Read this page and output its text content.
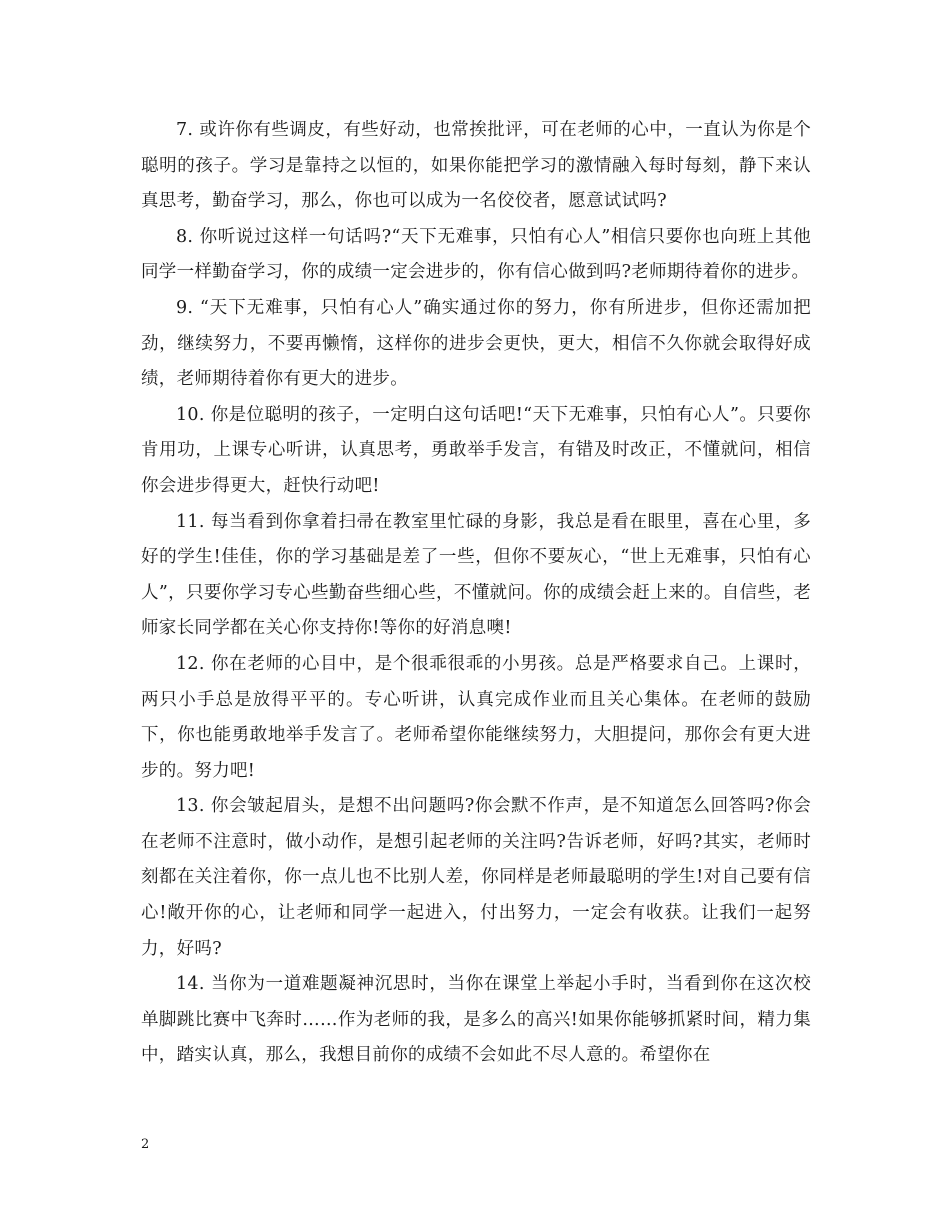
7. 或许你有些调皮，有些好动，也常挨批评，可在老师的心中，一直认为你是个聪明的孩子。学习是靠持之以恒的，如果你能把学习的激情融入每时每刻，静下来认真思考，勤奋学习，那么，你也可以成为一名佼佼者，愿意试试吗?

8. 你听说过这样一句话吗?“天下无难事，只怕有心人”相信只要你也向班上其他同学一样勤奋学习，你的成绩一定会进步的，你有信心做到吗?老师期待着你的进步。

9. “天下无难事，只怕有心人”确实通过你的努力，你有所进步，但你还需加把劲，继续努力，不要再懒惰，这样你的进步会更快，更大，相信不久你就会取得好成绩，老师期待着你有更大的进步。

10. 你是位聪明的孩子，一定明白这句话吧!“天下无难事，只怕有心人”。只要你肯用功，上课专心听讲，认真思考，勇敢举手发言，有错及时改正，不懂就问，相信你会进步得更大，赶快行动吧!

11. 每当看到你拿着扫帚在教室里忙碌的身影，我总是看在眼里，喜在心里，多好的学生!佳佳，你的学习基础是差了一些，但你不要灰心，“世上无难事，只怕有心人”，只要你学习专心些勤奋些细心些，不懂就问。你的成绩会赶上来的。自信些，老师家长同学都在关心你支持你!等你的好消息噢!

12. 你在老师的心目中，是个很乖很乖的小男孩。总是严格要求自己。上课时，两只小手总是放得平平的。专心听讲，认真完成作业而且关心集体。在老师的鼓励下，你也能勇敢地举手发言了。老师希望你能继续努力，大胆提问，那你会有更大进步的。努力吧!

13. 你会皱起眉头，是想不出问题吗?你会默不作声，是不知道怎么回答吗?你会在老师不注意时，做小动作，是想引起老师的关注吗?告诉老师，好吗?其实，老师时刻都在关注着你，你一点儿也不比别人差，你同样是老师最聪明的学生!对自己要有信心!敞开你的心，让老师和同学一起进入，付出努力，一定会有收获。让我们一起努力，好吗?

14. 当你为一道难题凝神沉思时，当你在课堂上举起小手时，当看到你在这次校单脚跳比赛中飞奔时……作为老师的我，是多么的高兴!如果你能够抓紧时间，精力集中，踏实认真，那么，我想目前你的成绩不会如此不尽人意的。希望你在

2
